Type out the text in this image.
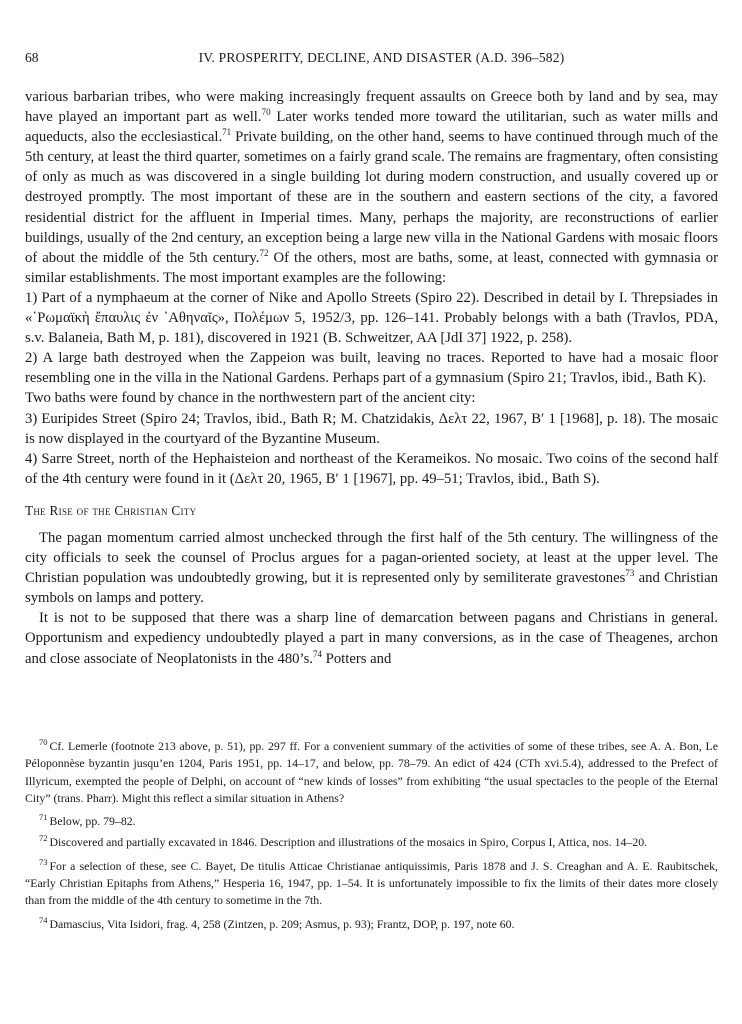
68	IV. PROSPERITY, DECLINE, AND DISASTER (A.D. 396–582)

various barbarian tribes, who were making increasingly frequent assaults on Greece both by land and by sea, may have played an important part as well.$^{70}$ Later works tended more toward the utilitarian, such as water mills and aqueducts, also the ecclesiastical.$^{71}$ Private building, on the other hand, seems to have continued through much of the 5th century, at least the third quarter, sometimes on a fairly grand scale. The remains are fragmentary, often consisting of only as much as was discovered in a single building lot during modern construction, and usually covered up or destroyed promptly. The most important of these are in the southern and eastern sections of the city, a favored residential district for the affluent in Imperial times. Many, perhaps the majority, are reconstructions of earlier buildings, usually of the 2nd century, an exception being a large new villa in the National Gardens with mosaic floors of about the middle of the 5th century.$^{72}$ Of the others, most are baths, some, at least, connected with gymnasia or similar establishments. The most important examples are the following:

1) Part of a nymphaeum at the corner of Nike and Apollo Streets (Spiro 22). Described in detail by I. Threpsiades in «῾Ρωμαϊκὴ ἔπαυλις ἐν ᾿Αθηναῖς», Πολέμων 5, 1952/3, pp. 126–141. Probably belongs with a bath (Travlos, PDA, s.v. Balaneia, Bath M, p. 181), discovered in 1921 (B. Schweitzer, AA [JdI 37] 1922, p. 258).

2) A large bath destroyed when the Zappeion was built, leaving no traces. Reported to have had a mosaic floor resembling one in the villa in the National Gardens. Perhaps part of a gymnasium (Spiro 21; Travlos, ibid., Bath K).

Two baths were found by chance in the northwestern part of the ancient city:

3) Euripides Street (Spiro 24; Travlos, ibid., Bath R; M. Chatzidakis, Δελτ 22, 1967, B′ 1 [1968], p. 18). The mosaic is now displayed in the courtyard of the Byzantine Museum.

4) Sarre Street, north of the Hephaisteion and northeast of the Kerameikos. No mosaic. Two coins of the second half of the 4th century were found in it (Δελτ 20, 1965, B′ 1 [1967], pp. 49–51; Travlos, ibid., Bath S).

The Rise of the Christian City

The pagan momentum carried almost unchecked through the first half of the 5th century. The willingness of the city officials to seek the counsel of Proclus argues for a pagan-oriented society, at least at the upper level. The Christian population was undoubtedly growing, but it is represented only by semiliterate gravestones$^{73}$ and Christian symbols on lamps and pottery.

It is not to be supposed that there was a sharp line of demarcation between pagans and Christians in general. Opportunism and expediency undoubtedly played a part in many conversions, as in the case of Theagenes, archon and close associate of Neoplatonists in the 480’s.$^{74}$ Potters and

$^{70}$ Cf. Lemerle (footnote 213 above, p. 51), pp. 297 ff. For a convenient summary of the activities of some of these tribes, see A. A. Bon, Le Péloponnèse byzantin jusqu’en 1204, Paris 1951, pp. 14–17, and below, pp. 78–79. An edict of 424 (CTh xvi.5.4), addressed to the Prefect of Illyricum, exempted the people of Delphi, on account of “new kinds of losses” from exhibiting “the usual spectacles to the people of the Eternal City” (trans. Pharr). Might this reflect a similar situation in Athens?

$^{71}$ Below, pp. 79–82.

$^{72}$ Discovered and partially excavated in 1846. Description and illustrations of the mosaics in Spiro, Corpus I, Attica, nos. 14–20.

$^{73}$ For a selection of these, see C. Bayet, De titulis Atticae Christianae antiquissimis, Paris 1878 and J. S. Creaghan and A. E. Raubitschek, “Early Christian Epitaphs from Athens,” Hesperia 16, 1947, pp. 1–54. It is unfortunately impossible to fix the limits of their dates more closely than from the middle of the 4th century to sometime in the 7th.

$^{74}$ Damascius, Vita Isidori, frag. 4, 258 (Zintzen, p. 209; Asmus, p. 93); Frantz, DOP, p. 197, note 60.
